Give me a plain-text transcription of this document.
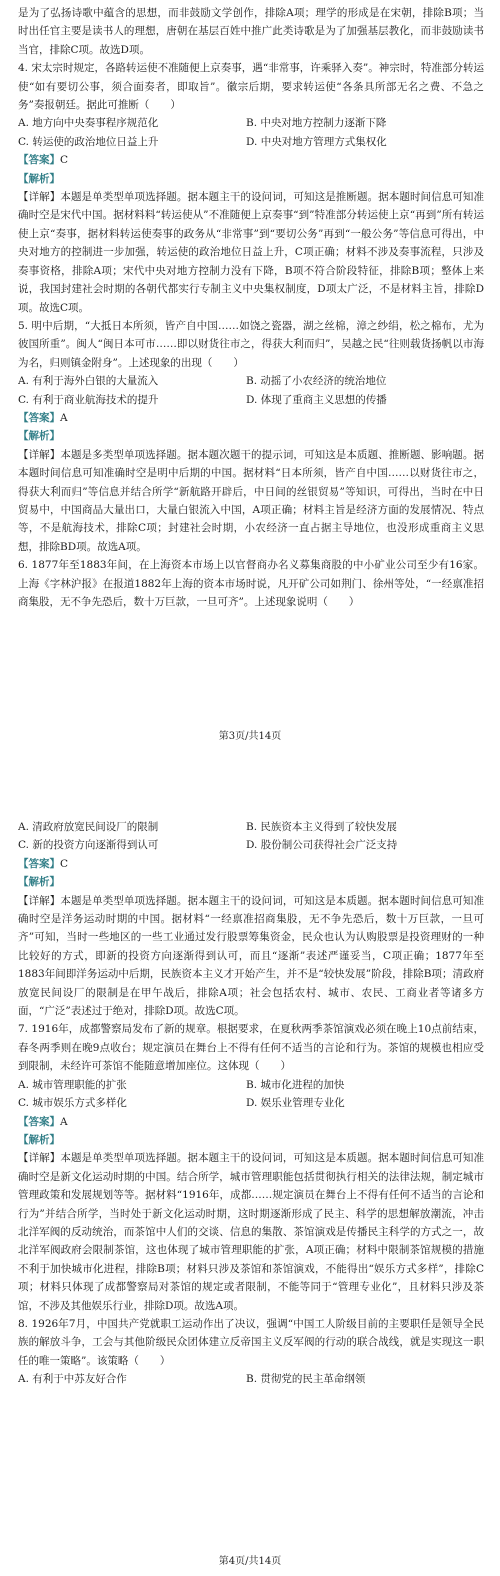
是为了弘扬诗歌中蕴含的思想，而非鼓励文学创作，排除A项；理学的形成是在宋朝，排除B项；当时出任官主要是读书人的理想，唐朝在基层百姓中推广此类诗歌是为了加强基层教化，而非鼓励读书当官，排除C项。故选D项。

4. 宋太宗时规定，各路转运使不准随便上京奏事，遇“非常事，许乘驿入奏”。神宗时，特准部分转运使“如有要切公事，须合面奏者，即取旨”。徽宗后期，要求转运使“各条具所部无名之费、不急之务”奏报朝廷。据此可推断（　　）

A. 地方向中央奏事程序规范化	B. 中央对地方控制力逐渐下降
C. 转运使的政治地位日益上升	D. 中央对地方管理方式集权化

【答案】C

【解析】

【详解】本题是单类型单项选择题。据本题主干的设问词，可知这是推断题。据本题时间信息可知准确时空是宋代中国。据材料料“转运使从”不准随便上京奏事“到”特准部分转运使上京“再到”所有转运使上京“奏事，据材料转运使奏事的政务从“非常事”到“要切公务”再到“一般公务”等信息可得出，中央对地方的控制进一步加强，转运使的政治地位日益上升，C项正确；材料不涉及奏事流程，只涉及奏事资格，排除A项；宋代中央对地方控制力没有下降，B项不符合阶段特征，排除B项；整体上来说，我国封建社会时期的各朝代都实行专制主义中央集权制度，D项太广泛，不是材料主旨，排除D项。故选C项。

5. 明中后期，“大抵日本所须，皆产自中国……如饶之瓷器，湖之丝棉，漳之纱绢，松之棉布，尤为彼国所重”。闽人“闽日本可市……即以财货往市之，得获大利而归”，吴越之民“往则载货扬帆以市海为名，归则镇金附身”。上述现象的出现（　　）

A. 有利于海外白银的大量流入	B. 动摇了小农经济的统治地位
C. 有利于商业航海技术的提升	D. 体现了重商主义思想的传播

【答案】A

【解析】

【详解】本题是多类型单项选择题。据本题次题干的提示词，可知这是本质题、推断题、影响题。据本题时间信息可知准确时空是明中后期的中国。据材料“日本所须，皆产自中国……以财货往市之，得获大利而归”等信息并结合所学“新航路开辟后，中日间的丝银贸易”等知识，可得出，当时在中日贸易中，中国商品大量出口，大量白银流入中国，A项正确；材料主旨是经济方面的发展情况、特点等，不是航海技术，排除C项；封建社会时期，小农经济一直占据主导地位，也没形成重商主义思想，排除BD项。故选A项。

6. 1877年至1883年间，在上海资本市场上以官督商办名义募集商股的中小矿业公司至少有16家。上海《字林沪报》在报道1882年上海的资本市场时说，凡开矿公司如荆门、徐州等处，“一经禀准招商集股，无不争先恐后，数十万巨款，一旦可齐”。上述现象说明（　　）

第3页/共14页
A. 清政府放宽民间设厂的限制	B. 民族资本主义得到了较快发展
C. 新的投资方向逐渐得到认可	D. 股份制公司获得社会广泛支持

【答案】C

【解析】

【详解】本题是单类型单项选择题。据本题主干的设问词，可知这是本质题。据本题时间信息可知准确时空是洋务运动时期的中国。据材料“一经禀准招商集股，无不争先恐后，数十万巨款，一旦可齐”可知，当时一些地区的一些工业通过发行股票筹集资金，民众也认为认购股票是投资理财的一种比较好的方式，即新的投资方向逐渐得到认可，而且“逐渐”表述严谨妥当，C项正确；1877年至1883年间即洋务运动中后期，民族资本主义才开始产生，并不是“较快发展”阶段，排除B项；清政府放宽民间设厂的限制是在甲午战后，排除A项；社会包括农村、城市、农民、工商业者等诸多方面，“广泛”表述过于绝对，排除D项。故选C项。

7. 1916年，成都警察局发布了新的规章。根据要求，在夏秋两季茶馆演戏必须在晚上10点前结束，春冬两季则在晚9点收台；规定演员在舞台上不得有任何不适当的言论和行为。茶馆的规模也相应受到限制，未经许可茶馆不能随意增加座位。这体现（　　）

A. 城市管理职能的扩张	B. 城市化进程的加快
C. 城市娱乐方式多样化	D. 娱乐业管理专业化

【答案】A

【解析】

【详解】本题是单类型单项选择题。据本题主干的设问词，可知这是本质题。据本题时间信息可知准确时空是新文化运动时期的中国。结合所学，城市管理职能包括贯彻执行相关的法律法规，制定城市管理政策和发展规划等等。据材料“1916年，成都……规定演员在舞台上不得有任何不适当的言论和行为”并结合所学，当时处于新文化运动时期，这时期逐渐形成了民主、科学的思想解放潮流，冲击北洋军阀的反动统治，而茶馆中人们的交谈、信息的集散、茶馆演戏是传播民主科学的方式之一，故北洋军阀政府会限制茶馆，这也体现了城市管理职能的扩张，A项正确；材料中限制茶馆规模的措施不利于加快城市化进程，排除B项；材料只涉及茶馆和茶馆演戏，不能得出“娱乐方式多样”，排除C项；材料只体现了成都警察局对茶馆的规定或者限制，不能等同于“管理专业化”，且材料只涉及茶馆，不涉及其他娱乐行业，排除D项。故选A项。

8. 1926年7月，中国共产党就职工运动作出了决议，强调“中国工人阶级目前的主要职任是领导全民族的解放斗争，工会与其他阶级民众团体建立反帝国主义反军阀的行动的联合战线，就是实现这一职任的唯一策略”。该策略（　　）

A. 有利于中苏友好合作	B. 贯彻党的民主革命纲领
第4页/共14页
